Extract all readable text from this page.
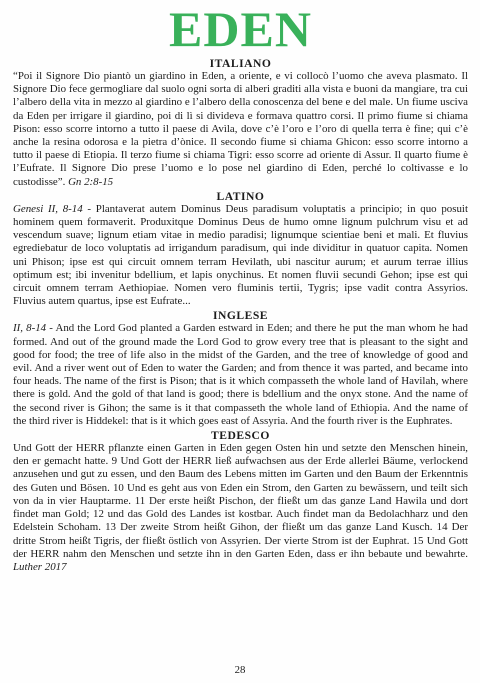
EDEN
ITALIANO

“Poi il Signore Dio piantò un giardino in Eden, a oriente, e vi collocò l’uomo che aveva plasmato. Il Signore Dio fece germogliare dal suolo ogni sorta di alberi graditi alla vista e buoni da mangiare, tra cui l’albero della vita in mezzo al giardino e l’albero della conoscenza del bene e del male. Un fiume usciva da Eden per irrigare il giardino, poi di lì si divideva e formava quattro corsi. Il primo fiume si chiama Pison: esso scorre intorno a tutto il paese di Avìla, dove c’è l’oro e l’oro di quella terra è fine; qui c’è anche la resina odorosa e la pietra d’ònice. Il secondo fiume si chiama Ghicon: esso scorre intorno a tutto il paese di Etiopia. Il terzo fiume si chiama Tigri: esso scorre ad oriente di Assur. Il quarto fiume è l’Eufrate. Il Signore Dio prese l’uomo e lo pose nel giardino di Eden, perché lo coltivasse e lo custodisse”. Gn 2:8-15

LATINO

Genesi II, 8-14 - Plantaverat autem Dominus Deus paradisum voluptatis a principio; in quo posuit hominem quem formaverit. Produxitque Dominus Deus de humo omne lignum pulchrum visu et ad vescendum suave; lignum etiam vitae in medio paradisi; lignumque scientiae beni et mali. Et fluvius egrediebatur de loco voluptatis ad irrigandum paradisum, qui inde dividitur in quatuor capita. Nomen uni Phison; ipse est qui circuit omnem terram Hevilath, ubi nascitur aurum; et aurum terrae illius optimum est; ibi invenitur bdellium, et lapis onychinus. Et nomen fluvii secundi Gehon; ipse est qui circuit omnem terram Aethiopiae. Nomen vero fluminis tertii, Tygris; ipse vadit contra Assyrios. Fluvius autem quartus, ipse est Eufrate...

INGLESE

II, 8-14 - And the Lord God planted a Garden estward in Eden; and there he put the man whom he had formed. And out of the ground made the Lord God to grow every tree that is pleasant to the sight and good for food; the tree of life also in the midst of the Garden, and the tree of knowledge of good and evil. And a river went out of Eden to water the Garden; and from thence it was parted, and became into four heads. The name of the first is Pison; that is it which compasseth the whole land of Havilah, where there is gold. And the gold of that land is good; there is bdellium and the onyx stone. And the name of the second river is Gihon; the same is it that compasseth the whole land of Ethiopia. And the name of the third river is Hiddekel: that is it which goes east of Assyria. And the fourth river is the Euphrates.

TEDESCO

Und Gott der HERR pflanzte einen Garten in Eden gegen Osten hin und setzte den Menschen hinein, den er gemacht hatte. 9 Und Gott der HERR ließ aufwachsen aus der Erde allerlei Bäume, verlockend anzusehen und gut zu essen, und den Baum des Lebens mitten im Garten und den Baum der Erkenntnis des Guten und Bösen. 10 Und es geht aus von Eden ein Strom, den Garten zu bewässern, und teilt sich von da in vier Hauptarme. 11 Der erste heißt Pischon, der fließt um das ganze Land Hawila und dort findet man Gold; 12 und das Gold des Landes ist kostbar. Auch findet man da Bedolachharz und den Edelstein Schoham. 13 Der zweite Strom heißt Gihon, der fließt um das ganze Land Kusch. 14 Der dritte Strom heißt Tigris, der fließt östlich von Assyrien. Der vierte Strom ist der Euphrat. 15 Und Gott der HERR nahm den Menschen und setzte ihn in den Garten Eden, dass er ihn bebaute und bewahrte. Luther 2017

28
